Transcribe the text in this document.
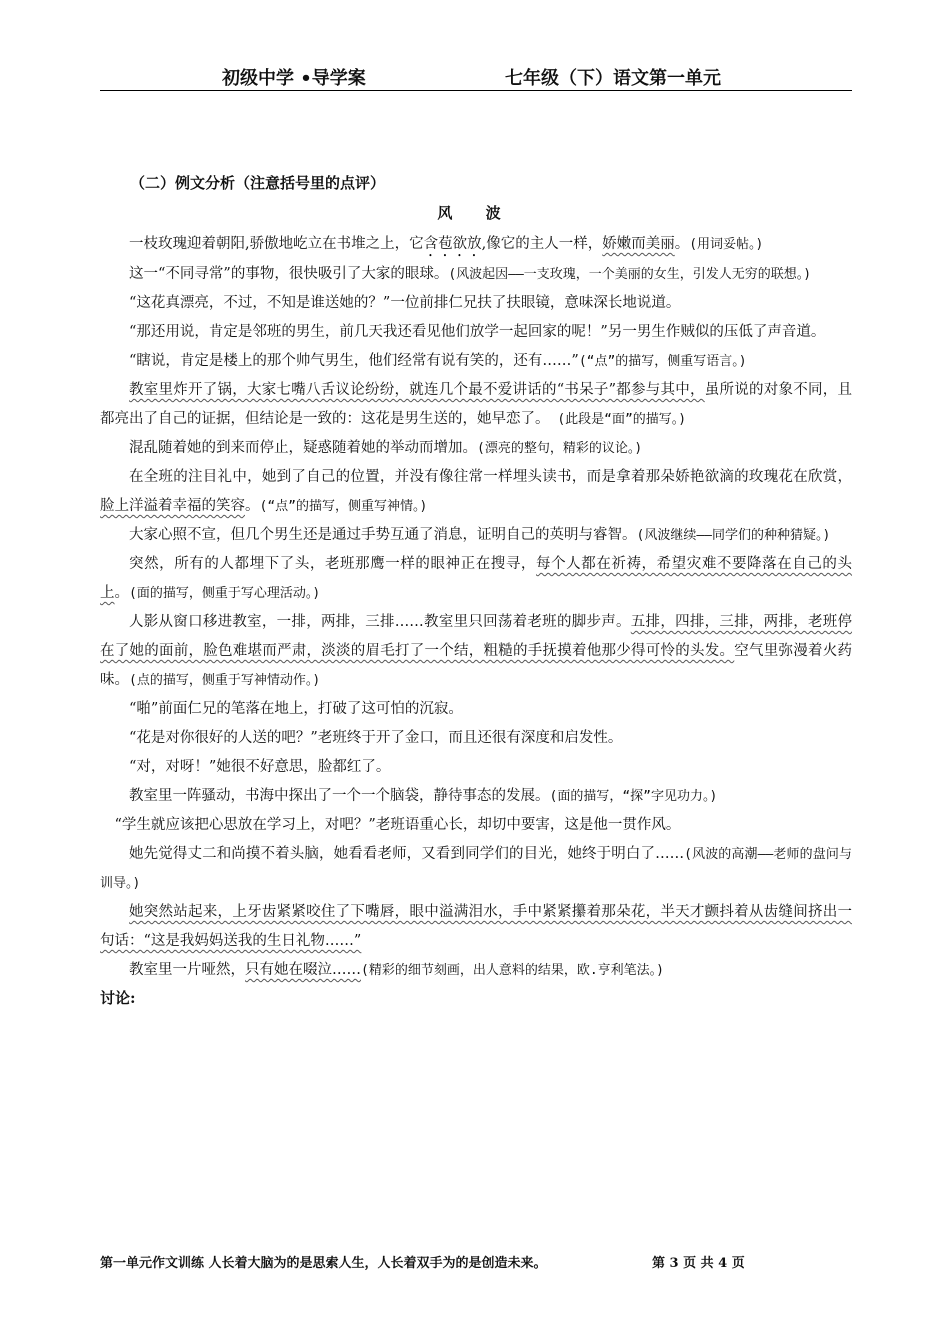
初级中学 •导学案	七年级（下）语文第一单元
（二）例文分析（注意括号里的点评）
风 波

一枝玫瑰迎着朝阳,骄傲地屹立在书堆之上，它含苞欲放,像它的主人一样，娇嫩而美丽。(用词妥帖。)

这一“不同寻常”的事物，很快吸引了大家的眼球。(风波起因——一支玫瑰，一个美丽的女生，引发人无穷的联想。)

“这花真漂亮，不过，不知是谁送她的？”一位前排仁兄扶了扶眼镜，意味深长地说道。

“那还用说，肯定是邻班的男生，前几天我还看见他们放学一起回家的呢！”另一男生作贼似的压低了声音道。

“瞎说，肯定是楼上的那个帅气男生，他们经常有说有笑的，还有……”(“点”的描写，侧重写语言。)

教室里炸开了锅，大家七嘴八舌议论纷纷，就连几个最不爱讲话的“书呆子”都参与其中，虽所说的对象不同，且都亮出了自己的证据，但结论是一致的：这花是男生送的，她早恋了。 (此段是“面”的描写。)

混乱随着她的到来而停止，疑惑随着她的举动而增加。(漂亮的整句，精彩的议论。)

在全班的注目礼中，她到了自己的位置，并没有像往常一样埋头读书，而是拿着那朵娇艳欲滴的玫瑰花在欣赏，脸上洋溢着幸福的笑容。(“点”的描写，侧重写神情。)

大家心照不宣，但几个男生还是通过手势互通了消息，证明自己的英明与睿智。(风波继续——同学们的种种猜疑。)

突然，所有的人都埋下了头，老班那鹰一样的眼神正在搜寻，每个人都在祈祷，希望灾难不要降落在自己的头上。(面的描写，侧重于写心理活动。)

人影从窗口移进教室，一排，两排，三排……教室里只回荡着老班的脚步声。五排，四排，三排，两排，老班停在了她的面前，脸色难堪而严肃，淡淡的眉毛打了一个结，粗糙的手抚摸着他那少得可怜的头发。空气里弥漫着火药味。(点的描写，侧重于写神情动作。)

“啪”前面仁兄的笔落在地上，打破了这可怕的沉寂。

“花是对你很好的人送的吧？”老班终于开了金口，而且还很有深度和启发性。

“对，对呀！”她很不好意思，脸都红了。

教室里一阵骚动，书海中探出了一个一个脑袋，静待事态的发展。(面的描写，“探”字见功力。)

“学生就应该把心思放在学习上，对吧？”老班语重心长，却切中要害，这是他一贯作风。

她先觉得丈二和尚摸不着头脑，她看看老师，又看到同学们的目光，她终于明白了……(风波的高潮——老师的盘问与训导。)

她突然站起来，上牙齿紧紧咬住了下嘴唇，眼中溢满泪水，手中紧紧攥着那朵花，半天才颤抖着从齿缝间挤出一句话：“这是我妈妈送我的生日礼物……”

教室里一片哑然，只有她在啜泣……(精彩的细节刻画，出人意料的结果，欧.亨利笔法。)

讨论:
第一单元作文训练 人长着大脑为的是思索人生，人长着双手为的是创造未来。	第 3 页 共 4 页
